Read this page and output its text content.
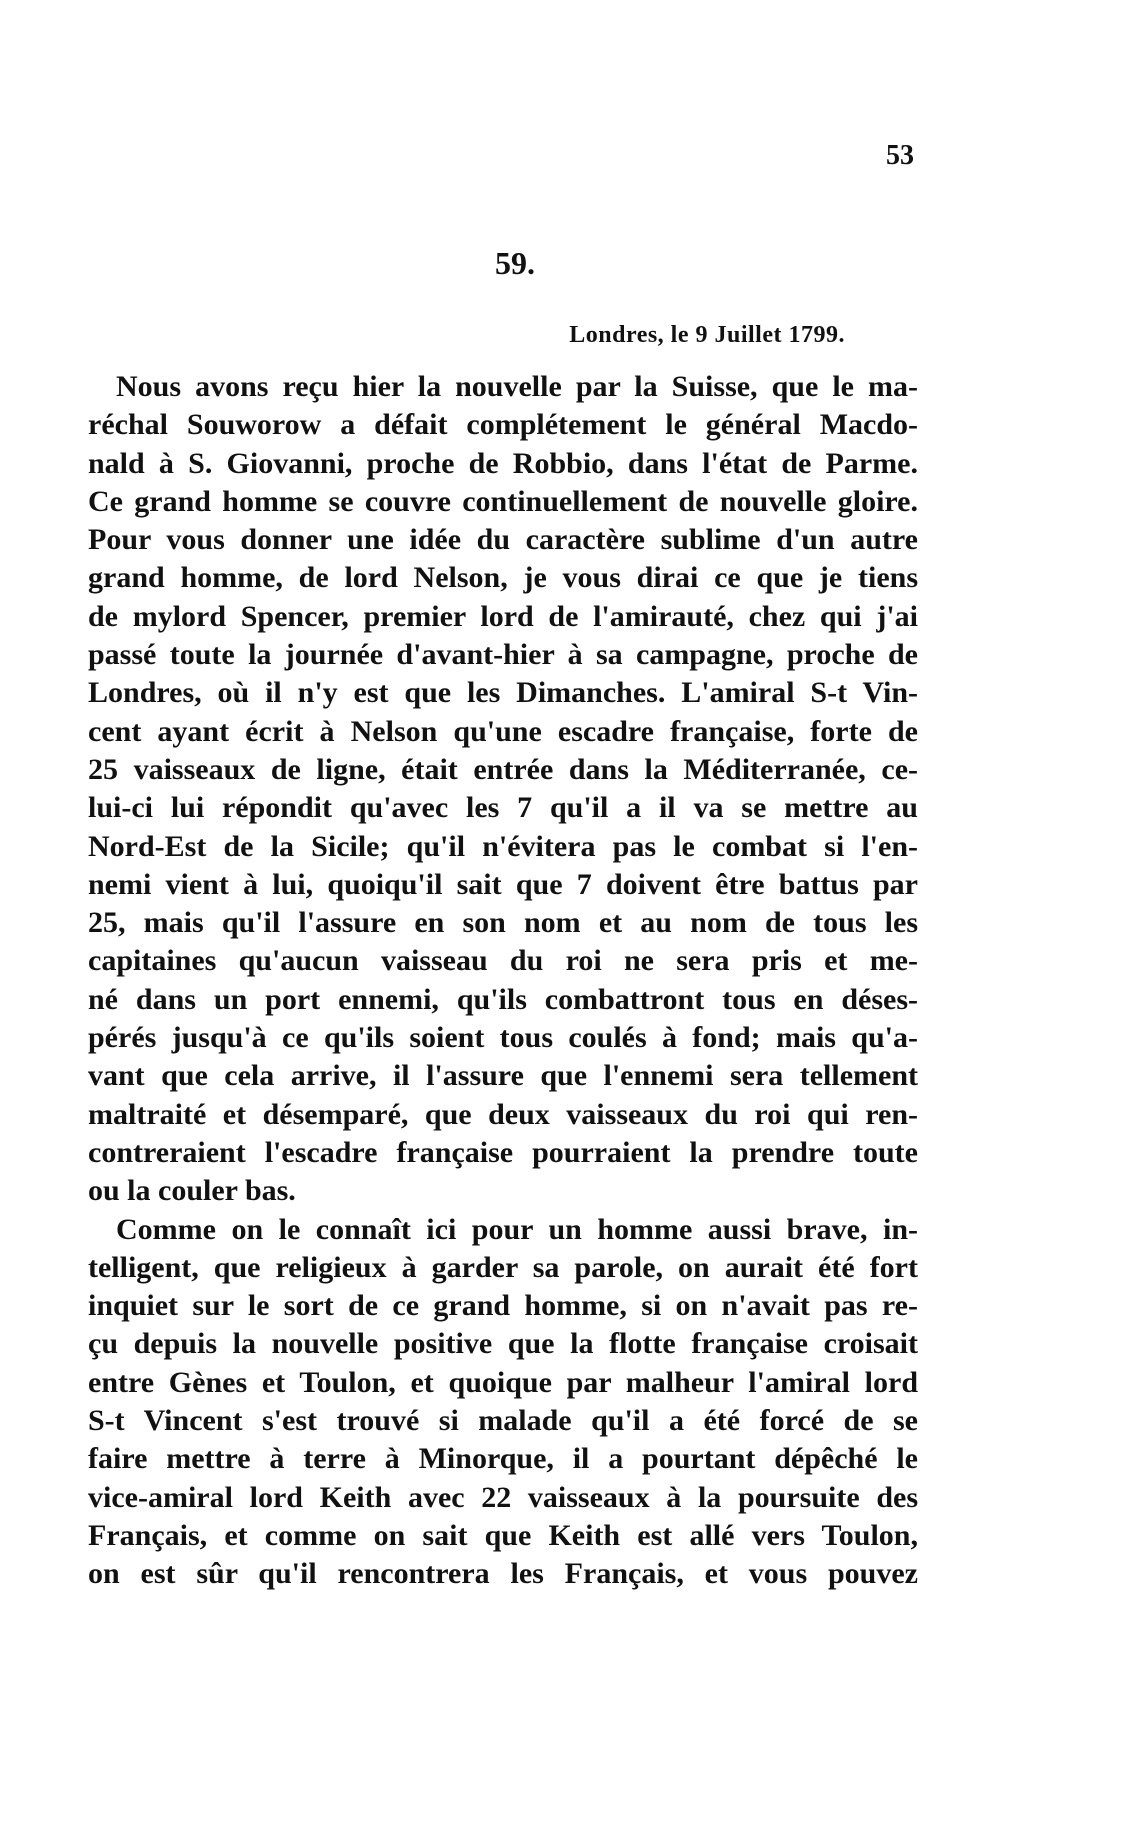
53
59.
Londres, le 9 Juillet 1799.
Nous avons reçu hier la nouvelle par la Suisse, que le ma-
réchal Souworow a défait complétement le général Macdo-
nald à S. Giovanni, proche de Robbio, dans l'état de Parme.
Ce grand homme se couvre continuellement de nouvelle gloire.
Pour vous donner une idée du caractère sublime d'un autre
grand homme, de lord Nelson, je vous dirai ce que je tiens
de mylord Spencer, premier lord de l'amirauté, chez qui j'ai
passé toute la journée d'avant-hier à sa campagne, proche de
Londres, où il n'y est que les Dimanches. L'amiral S-t Vin-
cent ayant écrit à Nelson qu'une escadre française, forte de
25 vaisseaux de ligne, était entrée dans la Méditerranée, ce-
lui-ci lui répondit qu'avec les 7 qu'il a il va se mettre au
Nord-Est de la Sicile; qu'il n'évitera pas le combat si l'en-
nemi vient à lui, quoiqu'il sait que 7 doivent être battus par
25, mais qu'il l'assure en son nom et au nom de tous les
capitaines qu'aucun vaisseau du roi ne sera pris et me-
né dans un port ennemi, qu'ils combattront tous en déses-
pérés jusqu'à ce qu'ils soient tous coulés à fond; mais qu'a-
vant que cela arrive, il l'assure que l'ennemi sera tellement
maltraité et désemparé, que deux vaisseaux du roi qui ren-
contreraient l'escadre française pourraient la prendre toute
ou la couler bas.
Comme on le connaît ici pour un homme aussi brave, in-
telligent, que religieux à garder sa parole, on aurait été fort
inquiet sur le sort de ce grand homme, si on n'avait pas re-
çu depuis la nouvelle positive que la flotte française croisait
entre Gènes et Toulon, et quoique par malheur l'amiral lord
S-t Vincent s'est trouvé si malade qu'il a été forcé de se
faire mettre à terre à Minorque, il a pourtant dépêché le
vice-amiral lord Keith avec 22 vaisseaux à la poursuite des
Français, et comme on sait que Keith est allé vers Toulon,
on est sûr qu'il rencontrera les Français, et vous pouvez
